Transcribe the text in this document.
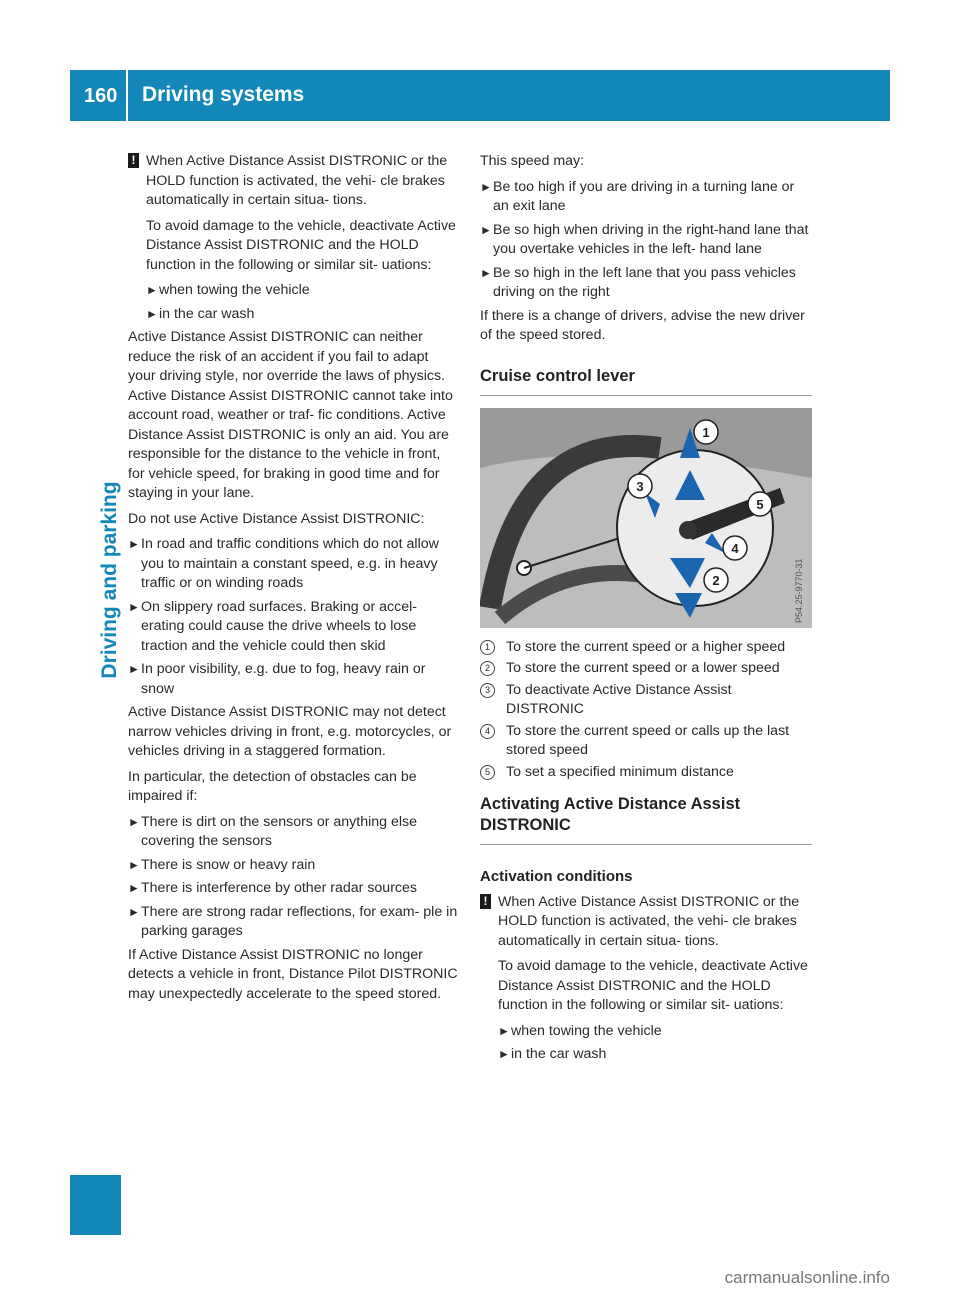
160 Driving systems
Driving and parking
! When Active Distance Assist DISTRONIC or the HOLD function is activated, the vehi- cle brakes automatically in certain situa- tions.

To avoid damage to the vehicle, deactivate Active Distance Assist DISTRONIC and the HOLD function in the following or similar sit- uations:

► when towing the vehicle
► in the car wash

Active Distance Assist DISTRONIC can neither reduce the risk of an accident if you fail to adapt your driving style, nor override the laws of physics. Active Distance Assist DISTRONIC cannot take into account road, weather or traf- fic conditions. Active Distance Assist DISTRONIC is only an aid. You are responsible for the distance to the vehicle in front, for vehicle speed, for braking in good time and for staying in your lane.

Do not use Active Distance Assist DISTRONIC:

► In road and traffic conditions which do not allow you to maintain a constant speed, e.g. in heavy traffic or on winding roads
► On slippery road surfaces. Braking or accel- erating could cause the drive wheels to lose traction and the vehicle could then skid
► In poor visibility, e.g. due to fog, heavy rain or snow

Active Distance Assist DISTRONIC may not detect narrow vehicles driving in front, e.g. motorcycles, or vehicles driving in a staggered formation.

In particular, the detection of obstacles can be impaired if:

► There is dirt on the sensors or anything else covering the sensors
► There is snow or heavy rain
► There is interference by other radar sources
► There are strong radar reflections, for exam- ple in parking garages

If Active Distance Assist DISTRONIC no longer detects a vehicle in front, Distance Pilot DISTRONIC may unexpectedly accelerate to the speed stored.

This speed may:

► Be too high if you are driving in a turning lane or an exit lane
► Be so high when driving in the right-hand lane that you overtake vehicles in the left- hand lane
► Be so high in the left lane that you pass vehicles driving on the right

If there is a change of drivers, advise the new driver of the speed stored.

Cruise control lever
1
2
3
4
5
P54.25-9770-31
1	To store the current speed or a higher speed
2	To store the current speed or a lower speed
3	To deactivate Active Distance Assist DISTRONIC
4	To store the current speed or calls up the last stored speed
5	To set a specified minimum distance
Activating Active Distance Assist DISTRONIC
Activation conditions
! When Active Distance Assist DISTRONIC or the HOLD function is activated, the vehi- cle brakes automatically in certain situa- tions.

To avoid damage to the vehicle, deactivate Active Distance Assist DISTRONIC and the HOLD function in the following or similar sit- uations:

► when towing the vehicle
► in the car wash
carmanualsonline.info
